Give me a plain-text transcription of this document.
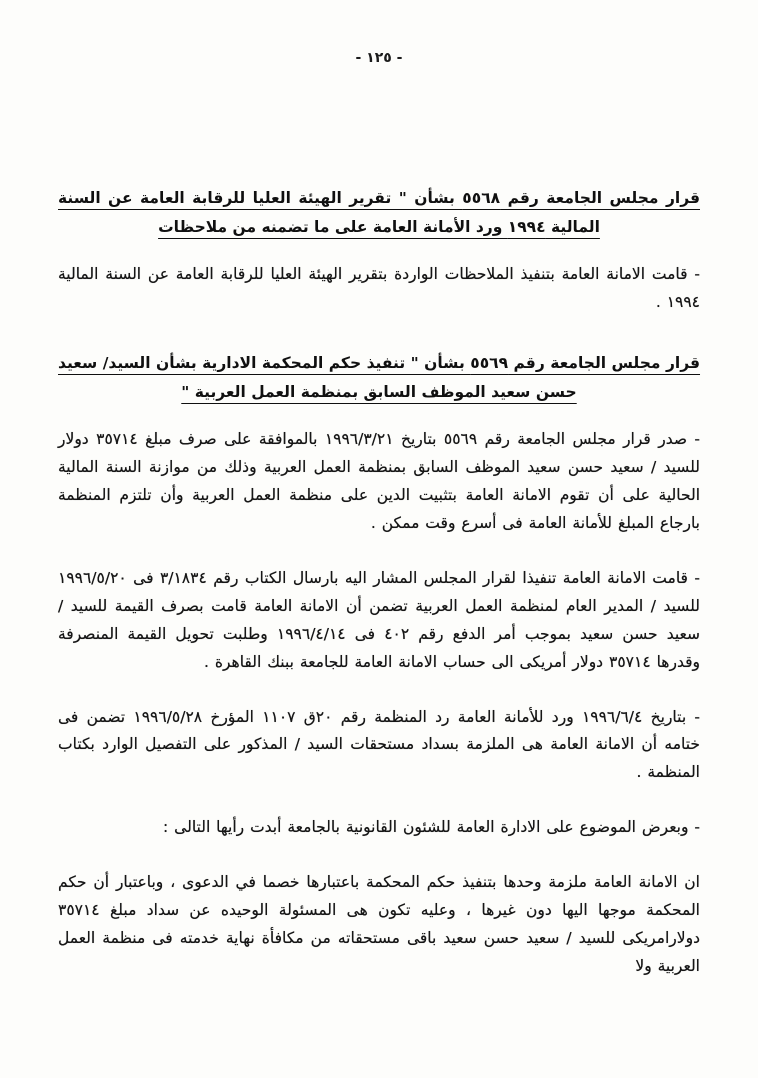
- ١٢٥ -
قرار مجلس الجامعة رقم ٥٥٦٨ بشأن " تقرير الهيئة العليا للرقابة العامة عن السنة المالية ١٩٩٤ ورد الأمانة العامة على ما تضمنه من ملاحظات

- قامت الامانة العامة بتنفيذ الملاحظات الواردة بتقرير الهيئة العليا للرقابة العامة عن السنة المالية ١٩٩٤ .

قرار مجلس الجامعة رقم ٥٥٦٩ بشأن " تنفيذ حكم المحكمة الادارية بشأن السيد/ سعيد حسن سعيد الموظف السابق بمنظمة العمل العربية "

- صدر قرار مجلس الجامعة رقم ٥٥٦٩ بتاريخ ١٩٩٦/٣/٢١ بالموافقة على صرف مبلغ ٣٥٧١٤ دولار للسيد / سعيد حسن سعيد الموظف السابق بمنظمة العمل العربية وذلك من موازنة السنة المالية الحالية على أن تقوم الامانة العامة بتثبيت الدين على منظمة العمل العربية وأن تلتزم المنظمة بارجاع المبلغ للأمانة العامة فى أسرع وقت ممكن .

- قامت الامانة العامة تنفيذا لقرار المجلس المشار اليه بارسال الكتاب رقم ٣/١٨٣٤ فى ١٩٩٦/٥/٢٠ للسيد / المدير العام لمنظمة العمل العربية تضمن أن الامانة العامة قامت بصرف القيمة للسيد / سعيد حسن سعيد بموجب أمر الدفع رقم ٤٠٢ فى ١٩٩٦/٤/١٤ وطلبت تحويل القيمة المنصرفة وقدرها ٣٥٧١٤ دولار أمريكى الى حساب الامانة العامة للجامعة ببنك القاهرة .

- بتاريخ ١٩٩٦/٦/٤ ورد للأمانة العامة رد المنظمة رقم ٢٠ق ١١٠٧ المؤرخ ١٩٩٦/٥/٢٨ تضمن فى ختامه أن الامانة العامة هى الملزمة بسداد مستحقات السيد / المذكور على التفصيل الوارد بكتاب المنظمة .

- وبعرض الموضوع على الادارة العامة للشئون القانونية بالجامعة أبدت رأيها التالى :

ان الامانة العامة ملزمة وحدها بتنفيذ حكم المحكمة باعتبارها خصما في الدعوى ، وباعتبار أن حكم المحكمة موجها اليها دون غيرها ، وعليه تكون هى المسئولة الوحيده عن سداد مبلغ ٣٥٧١٤ دولارامريكى للسيد / سعيد حسن سعيد باقى مستحقاته من مكافأة نهاية خدمته فى منظمة العمل العربية ولا
